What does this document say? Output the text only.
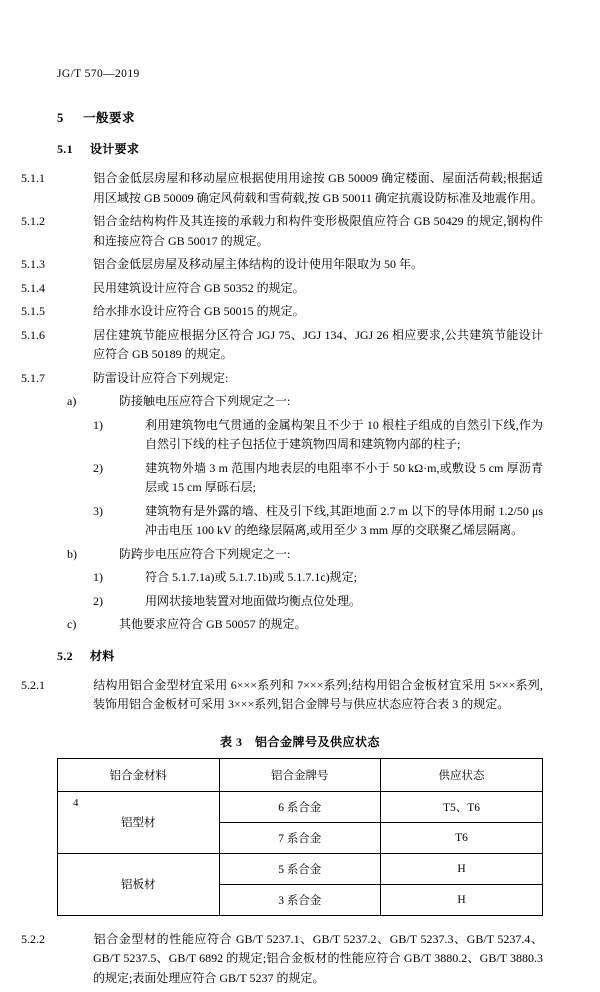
JG/T 570—2019
5 一般要求
5.1 设计要求

5.1.1	铝合金低层房屋和移动屋应根据使用用途按 GB 50009 确定楼面、屋面活荷载;根据适用区域按 GB 50009 确定风荷载和雪荷载,按 GB 50011 确定抗震设防标准及地震作用。

5.1.2	铝合金结构构件及其连接的承载力和构件变形极限值应符合 GB 50429 的规定,钢构件和连接应符合 GB 50017 的规定。

5.1.3	铝合金低层房屋及移动屋主体结构的设计使用年限取为 50 年。

5.1.4	民用建筑设计应符合 GB 50352 的规定。

5.1.5	给水排水设计应符合 GB 50015 的规定。

5.1.6	居住建筑节能应根据分区符合 JGJ 75、JGJ 134、JGJ 26 相应要求,公共建筑节能设计应符合 GB 50189 的规定。

5.1.7	防雷设计应符合下列规定:

a)	防接触电压应符合下列规定之一:

1)	利用建筑物电气贯通的金属构架且不少于 10 根柱子组成的自然引下线,作为自然引下线的柱子包括位于建筑物四周和建筑物内部的柱子;

2)	建筑物外墙 3 m 范围内地表层的电阻率不小于 50 kΩ·m,或敷设 5 cm 厚沥青层或 15 cm 厚砾石层;

3)	建筑物有是外露的墙、柱及引下线,其距地面 2.7 m 以下的导体用耐 1.2/50 μs 冲击电压 100 kV 的绝缘层隔离,或用至少 3 mm 厚的交联聚乙烯层隔离。

b)	防跨步电压应符合下列规定之一:

1)	符合 5.1.7.1a)或 5.1.7.1b)或 5.1.7.1c)规定;

2)	用网状接地装置对地面做均衡点位处理。

c)	其他要求应符合 GB 50057 的规定。

5.2 材料

5.2.1	结构用铝合金型材宜采用 6×××系列和 7×××系列;结构用铝合金板材宜采用 5×××系列,装饰用铝合金板材可采用 3×××系列,铝合金牌号与供应状态应符合表 3 的规定。

表 3　铝合金牌号及供应状态
铝合金材料	铝合金牌号	供应状态
铝型材	6 系合金	T5、T6
	7 系合金	T6
铝板材	5 系合金	H
	3 系合金	H

5.2.2	铝合金型材的性能应符合 GB/T 5237.1、GB/T 5237.2、GB/T 5237.3、GB/T 5237.4、GB/T 5237.5、GB/T 6892 的规定;铝合金板材的性能应符合 GB/T 3880.2、GB/T 3880.3 的规定;表面处理应符合 GB/T 5237 的规定。

4
